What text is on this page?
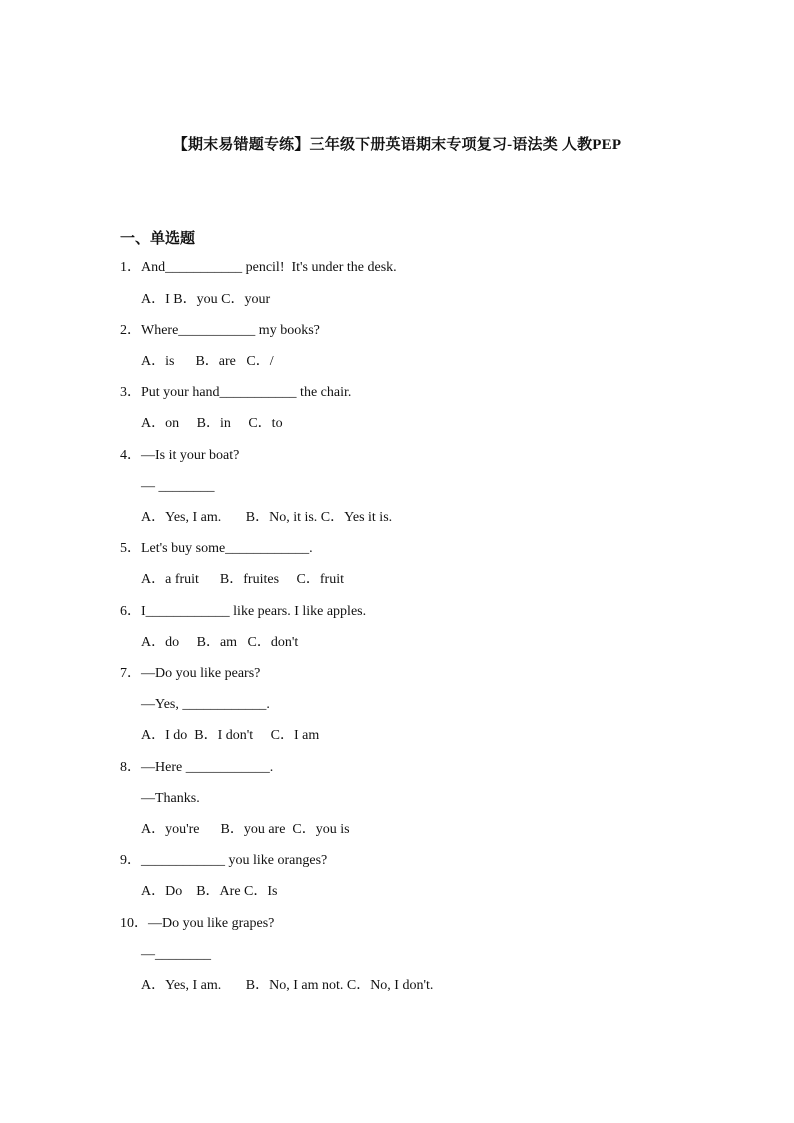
【期末易错题专练】三年级下册英语期末专项复习-语法类 人教PEP
一、单选题
1．And___________ pencil!  It's under the desk.
A．I B．you C．your
2．Where___________ my books?
A．is      B．are   C．/
3．Put your hand___________ the chair.
A．on     B．in     C．to
4．—Is it your boat?
— ________
A．Yes, I am.       B．No, it is. C．Yes it is.
5．Let's buy some____________.
A．a fruit      B．fruites     C．fruit
6．I____________ like pears. I like apples.
A．do     B．am   C．don't
7．—Do you like pears?
—Yes, ____________.
A．I do  B．I don't     C．I am
8．—Here ____________.
—Thanks.
A．you're      B．you are  C．you is
9．____________ you like oranges?
A．Do    B．Are C．Is
10．—Do you like grapes?
—________
A．Yes, I am.       B．No, I am not. C．No, I don't.
